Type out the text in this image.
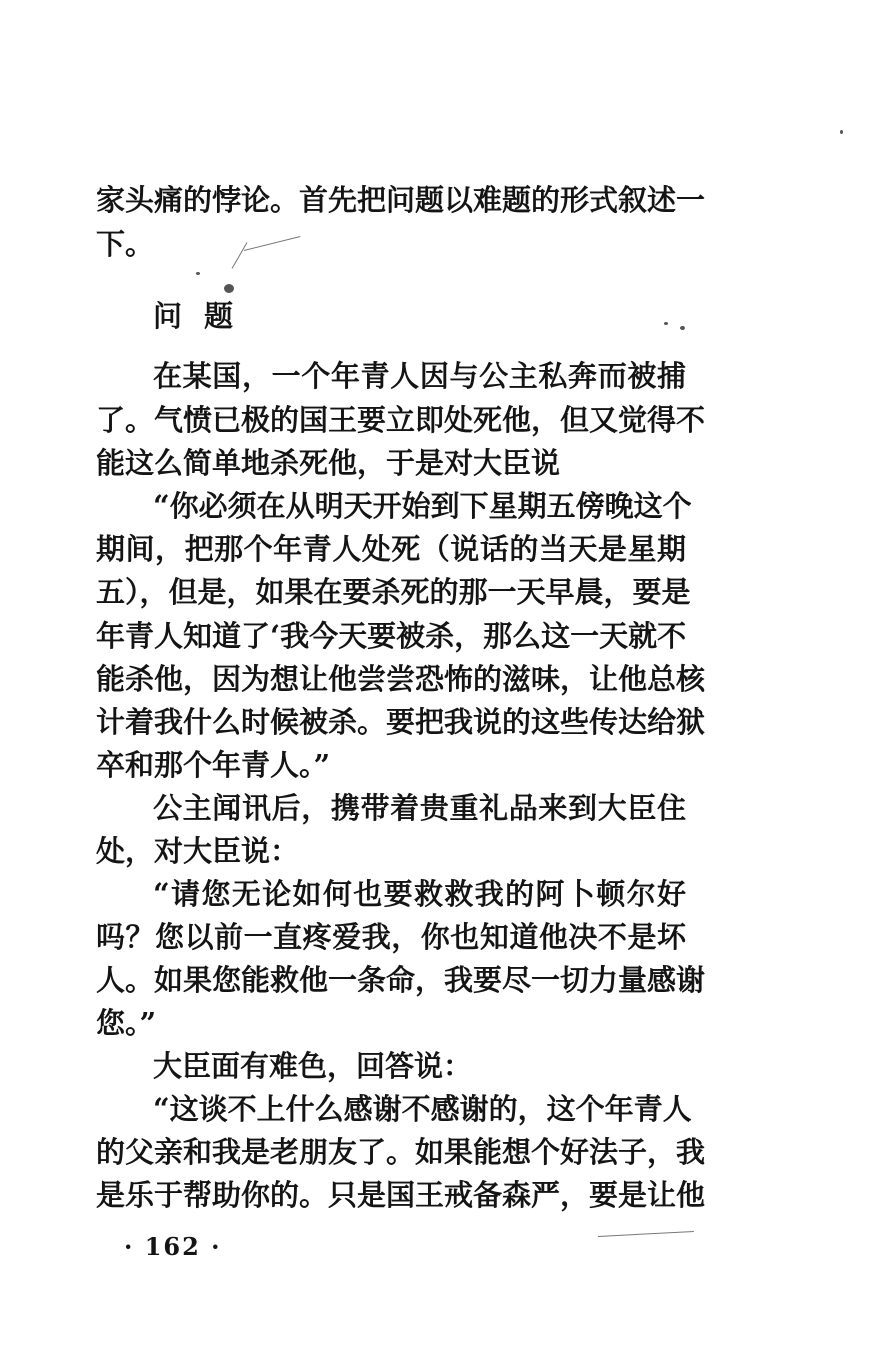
家头痛的悖论。首先把问题以难题的形式叙述一
下。
问题
在某国，一个年青人因与公主私奔而被捕
了。气愤已极的国王要立即处死他，但又觉得不
能这么简单地杀死他，于是对大臣说
“你必须在从明天开始到下星期五傍晚这个
期间，把那个年青人处死（说话的当天是星期
五），但是，如果在要杀死的那一天早晨，要是
年青人知道了‘我今天要被杀，那么这一天就不
能杀他，因为想让他尝尝恐怖的滋味，让他总核
计着我什么时候被杀。要把我说的这些传达给狱
卒和那个年青人。”
公主闻讯后，携带着贵重礼品来到大臣住
处，对大臣说：
“请您无论如何也要救救我的阿卜顿尔好
吗？您以前一直疼爱我，你也知道他决不是坏
人。如果您能救他一条命，我要尽一切力量感谢
您。”
大臣面有难色，回答说：
“这谈不上什么感谢不感谢的，这个年青人
的父亲和我是老朋友了。如果能想个好法子，我
是乐于帮助你的。只是国王戒备森严，要是让他
· 162 ·
